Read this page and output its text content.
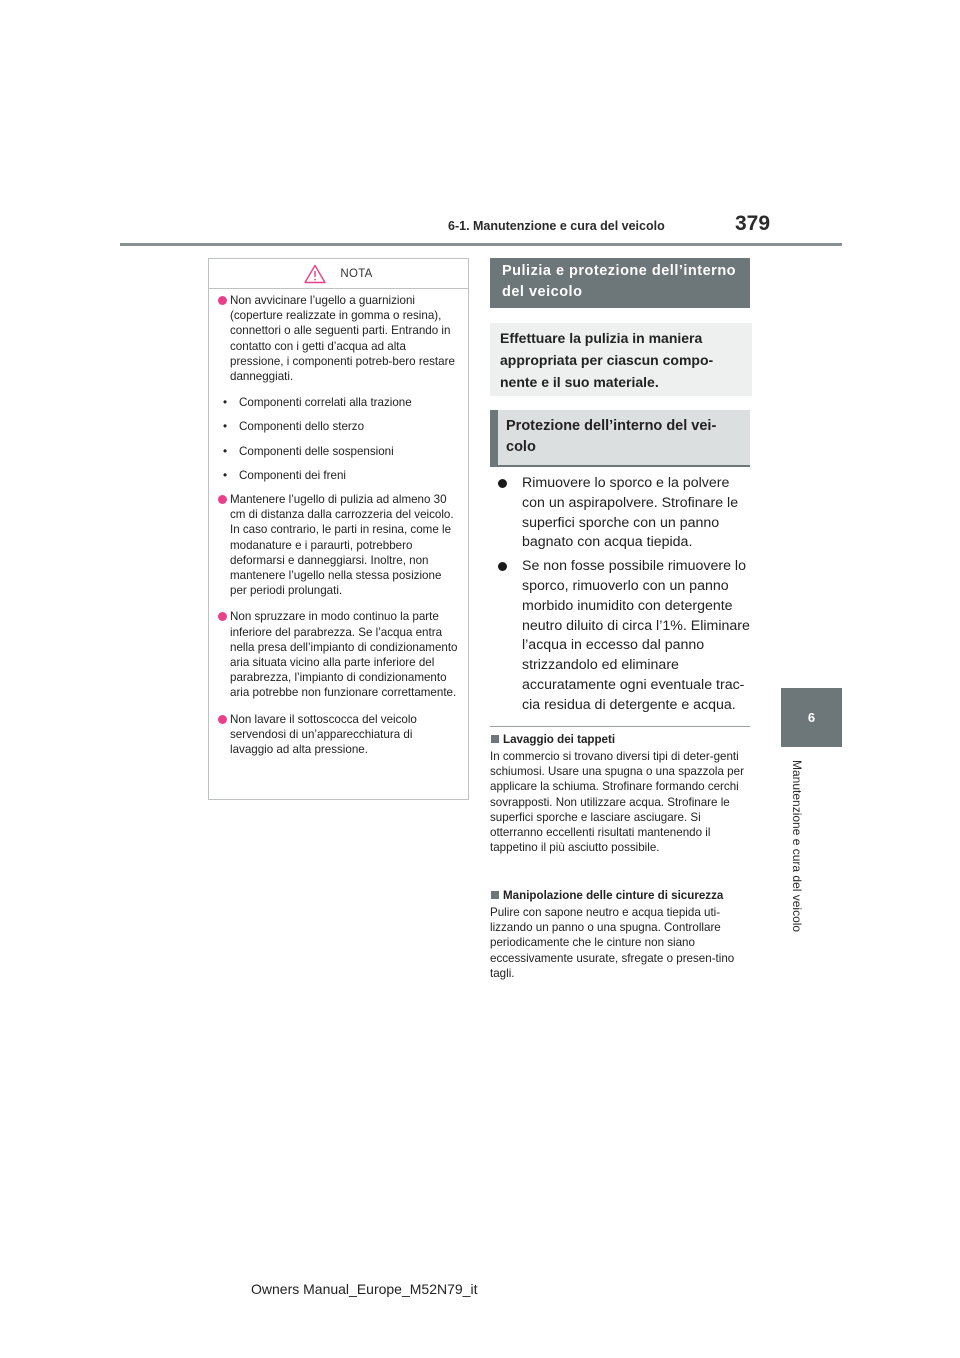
6-1. Manutenzione e cura del veicolo	379
6
Manutenzione e cura del veicolo
NOTA
Non avvicinare l’ugello a guarnizioni (coperture realizzate in gomma o resina), connettori o alle seguenti parti. Entrando in contatto con i getti d’acqua ad alta pressione, i componenti potreb-bero restare danneggiati.
• Componenti correlati alla trazione
• Componenti dello sterzo
• Componenti delle sospensioni
• Componenti dei freni
Mantenere l’ugello di pulizia ad almeno 30 cm di distanza dalla carrozzeria del veicolo. In caso contrario, le parti in resina, come le modanature e i paraurti, potrebbero deformarsi e danneggiarsi. Inoltre, non mantenere l’ugello nella stessa posizione per periodi prolungati.
Non spruzzare in modo continuo la parte inferiore del parabrezza. Se l’acqua entra nella presa dell’impianto di condizionamento aria situata vicino alla parte inferiore del parabrezza, l’impianto di condizionamento aria potrebbe non funzionare correttamente.
Non lavare il sottoscocca del veicolo servendosi di un’apparecchiatura di lavaggio ad alta pressione.
Pulizia e protezione dell’interno del veicolo
Effettuare la pulizia in maniera appropriata per ciascun compo-nente e il suo materiale.
Protezione dell’interno del vei-colo
Rimuovere lo sporco e la polvere con un aspirapolvere. Strofinare le superfici sporche con un panno bagnato con acqua tiepida.
Se non fosse possibile rimuovere lo sporco, rimuoverlo con un panno morbido inumidito con detergente neutro diluito di circa l’1%. Eliminare l’acqua in eccesso dal panno strizzandolo ed eliminare accuratamente ogni eventuale trac-cia residua di detergente e acqua.
Lavaggio dei tappeti
In commercio si trovano diversi tipi di deter-genti schiumosi. Usare una spugna o una spazzola per applicare la schiuma. Strofinare formando cerchi sovrapposti. Non utilizzare acqua. Strofinare le superfici sporche e lasciare asciugare. Si otterranno eccellenti risultati mantenendo il tappetino il più asciutto possibile.
Manipolazione delle cinture di sicurezza
Pulire con sapone neutro e acqua tiepida uti-lizzando un panno o una spugna. Controllare periodicamente che le cinture non siano eccessivamente usurate, sfregate o presen-tino tagli.
Owners Manual_Europe_M52N79_it
